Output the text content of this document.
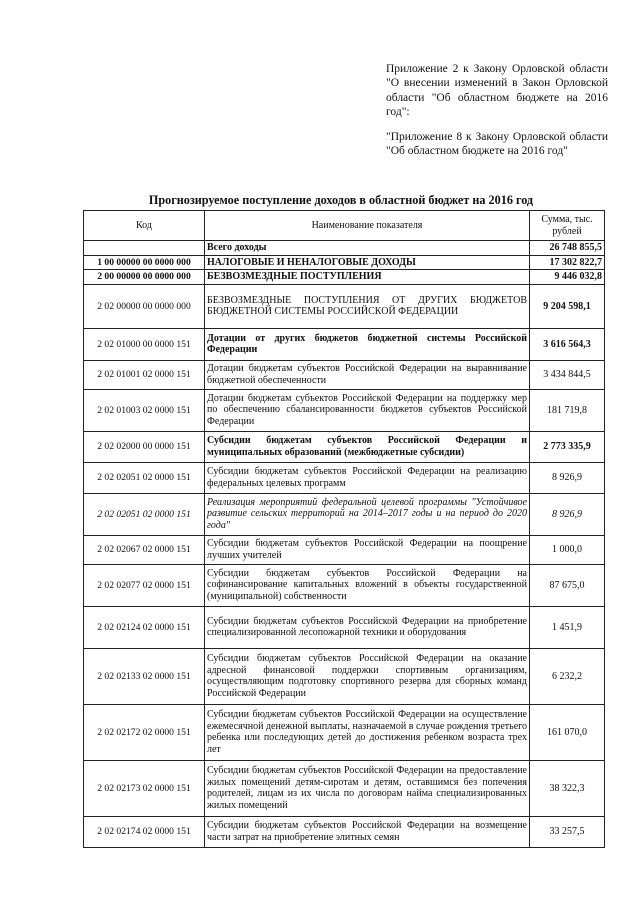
Приложение 2 к Закону Орловской области "О внесении изменений в Закон Орловской области "Об областном бюджете на 2016 год":

"Приложение 8 к Закону Орловской области "Об областном бюджете на 2016 год"

Прогнозируемое поступление доходов в областной бюджет на 2016 год
Код	Наименование показателя	Сумма, тыс. рублей
	Всего доходы	26 748 855,5
1 00 00000 00 0000 000	НАЛОГОВЫЕ И НЕНАЛОГОВЫЕ ДОХОДЫ	17 302 822,7
2 00 00000 00 0000 000	БЕЗВОЗМЕЗДНЫЕ ПОСТУПЛЕНИЯ	9 446 032,8
2 02 00000 00 0000 000	БЕЗВОЗМЕЗДНЫЕ ПОСТУПЛЕНИЯ ОТ ДРУГИХ БЮДЖЕТОВ БЮДЖЕТНОЙ СИСТЕМЫ РОССИЙСКОЙ ФЕДЕРАЦИИ	9 204 598,1
2 02 01000 00 0000 151	Дотации от других бюджетов бюджетной системы Российской Федерации	3 616 564,3
2 02 01001 02 0000 151	Дотации бюджетам субъектов Российской Федерации на выравнивание бюджетной обеспеченности	3 434 844,5
2 02 01003 02 0000 151	Дотации бюджетам субъектов Российской Федерации на поддержку мер по обеспечению сбалансированности бюджетов субъектов Российской Федерации	181 719,8
2 02 02000 00 0000 151	Субсидии бюджетам субъектов Российской Федерации и муниципальных образований (межбюджетные субсидии)	2 773 335,9
2 02 02051 02 0000 151	Субсидии бюджетам субъектов Российской Федерации на реализацию федеральных целевых программ	8 926,9
2 02 02051 02 0000 151	Реализация мероприятий федеральной целевой программы "Устойчивое развитие сельских территорий на 2014–2017 годы и на период до 2020 года"	8 926,9
2 02 02067 02 0000 151	Субсидии бюджетам субъектов Российской Федерации на поощрение лучших учителей	1 000,0
2 02 02077 02 0000 151	Субсидии бюджетам субъектов Российской Федерации на софинансирование капитальных вложений в объекты государственной (муниципальной) собственности	87 675,0
2 02 02124 02 0000 151	Субсидии бюджетам субъектов Российской Федерации на приобретение специализированной лесопожарной техники и оборудования	1 451,9
2 02 02133 02 0000 151	Субсидии бюджетам субъектов Российской Федерации на оказание адресной финансовой поддержки спортивным организациям, осуществляющим подготовку спортивного резерва для сборных команд Российской Федерации	6 232,2
2 02 02172 02 0000 151	Субсидии бюджетам субъектов Российской Федерации на осуществление ежемесячной денежной выплаты, назначаемой в случае рождения третьего ребенка или последующих детей до достижения ребенком возраста трех лет	161 070,0
2 02 02173 02 0000 151	Субсидии бюджетам субъектов Российской Федерации на предоставление жилых помещений детям-сиротам и детям, оставшимся без попечения родителей, лицам из их числа по договорам найма специализированных жилых помещений	38 322,3
2 02 02174 02 0000 151	Субсидии бюджетам субъектов Российской Федерации на возмещение части затрат на приобретение элитных семян	33 257,5
